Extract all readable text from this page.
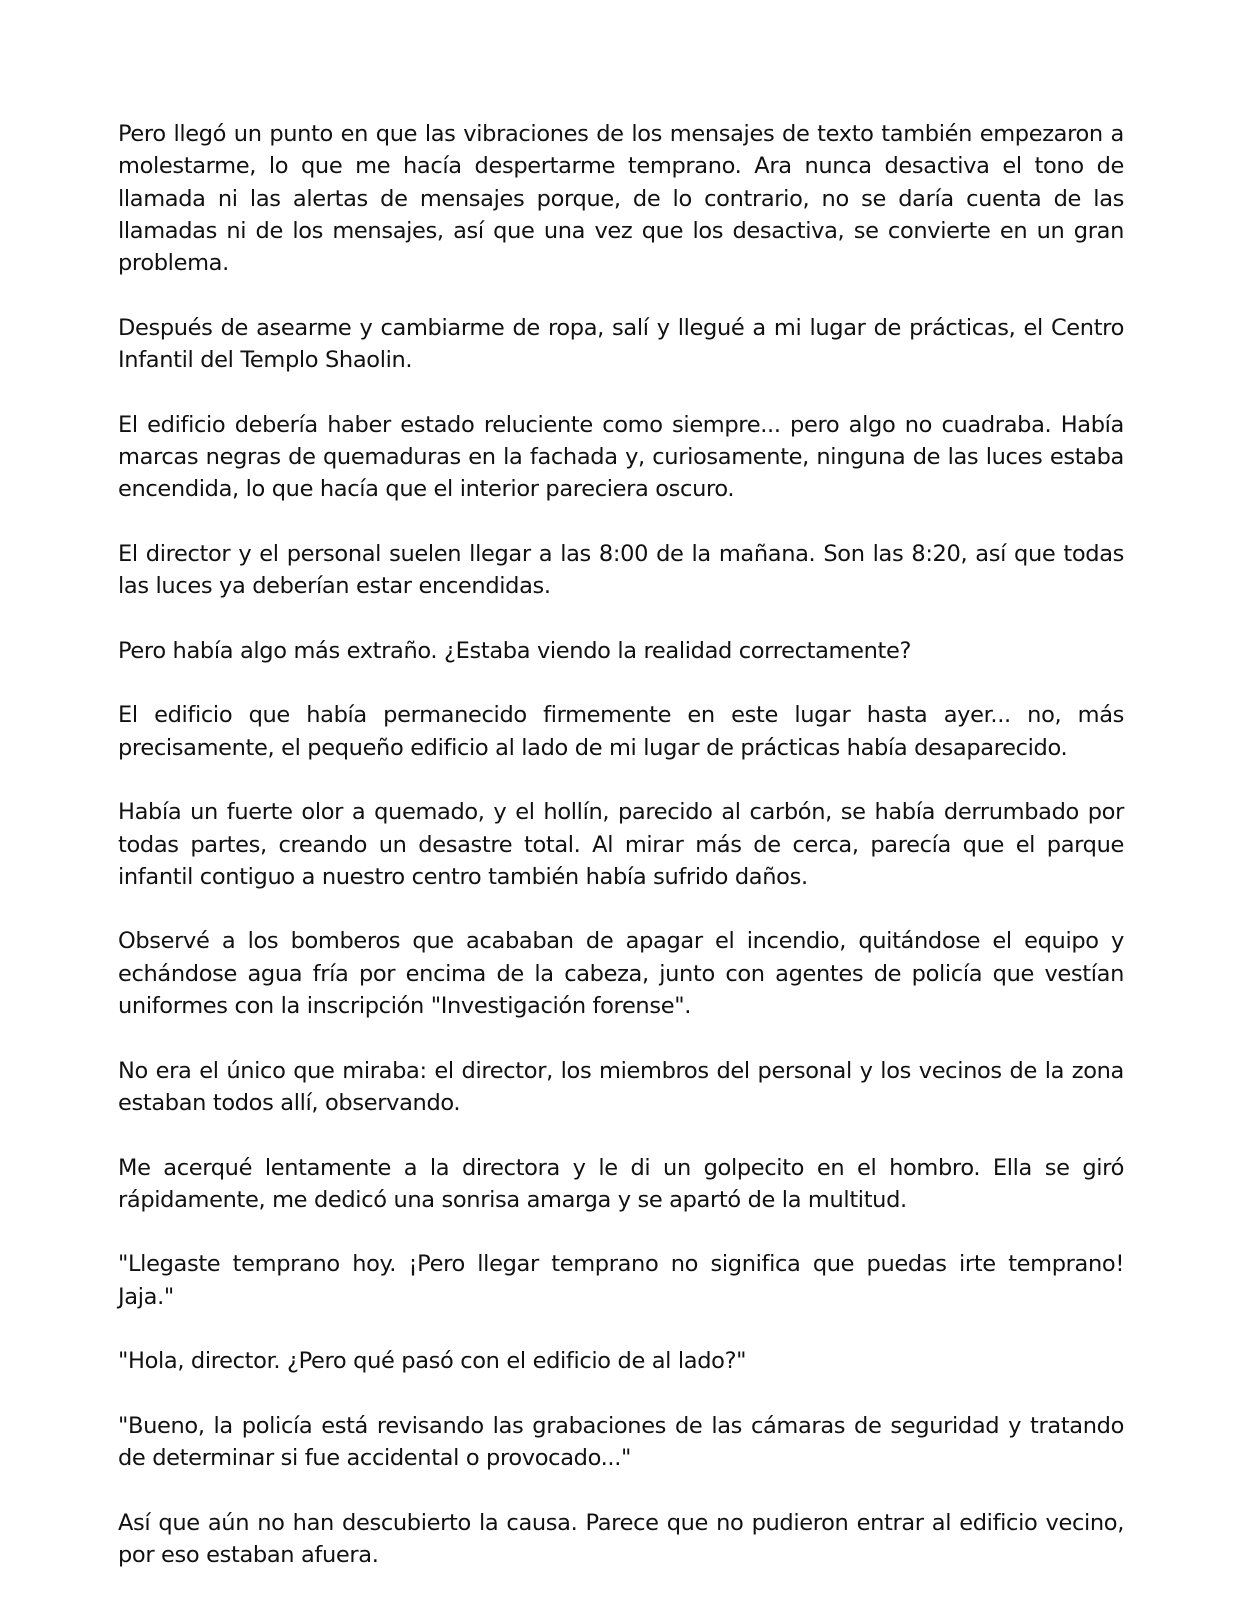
Pero llegó un punto en que las vibraciones de los mensajes de texto también empezaron a molestarme, lo que me hacía despertarme temprano. Ara nunca desactiva el tono de llamada ni las alertas de mensajes porque, de lo contrario, no se daría cuenta de las llamadas ni de los mensajes, así que una vez que los desactiva, se convierte en un gran problema.

Después de asearme y cambiarme de ropa, salí y llegué a mi lugar de prácticas, el Centro Infantil del Templo Shaolin.

El edificio debería haber estado reluciente como siempre... pero algo no cuadraba. Había marcas negras de quemaduras en la fachada y, curiosamente, ninguna de las luces estaba encendida, lo que hacía que el interior pareciera oscuro.

El director y el personal suelen llegar a las 8:00 de la mañana. Son las 8:20, así que todas las luces ya deberían estar encendidas.

Pero había algo más extraño. ¿Estaba viendo la realidad correctamente?

El edificio que había permanecido firmemente en este lugar hasta ayer... no, más precisamente, el pequeño edificio al lado de mi lugar de prácticas había desaparecido.

Había un fuerte olor a quemado, y el hollín, parecido al carbón, se había derrumbado por todas partes, creando un desastre total. Al mirar más de cerca, parecía que el parque infantil contiguo a nuestro centro también había sufrido daños.

Observé a los bomberos que acababan de apagar el incendio, quitándose el equipo y echándose agua fría por encima de la cabeza, junto con agentes de policía que vestían uniformes con la inscripción "Investigación forense".

No era el único que miraba: el director, los miembros del personal y los vecinos de la zona estaban todos allí, observando.

Me acerqué lentamente a la directora y le di un golpecito en el hombro. Ella se giró rápidamente, me dedicó una sonrisa amarga y se apartó de la multitud.

"Llegaste temprano hoy. ¡Pero llegar temprano no significa que puedas irte temprano! Jaja."

"Hola, director. ¿Pero qué pasó con el edificio de al lado?"

"Bueno, la policía está revisando las grabaciones de las cámaras de seguridad y tratando de determinar si fue accidental o provocado..."

Así que aún no han descubierto la causa. Parece que no pudieron entrar al edificio vecino, por eso estaban afuera.
